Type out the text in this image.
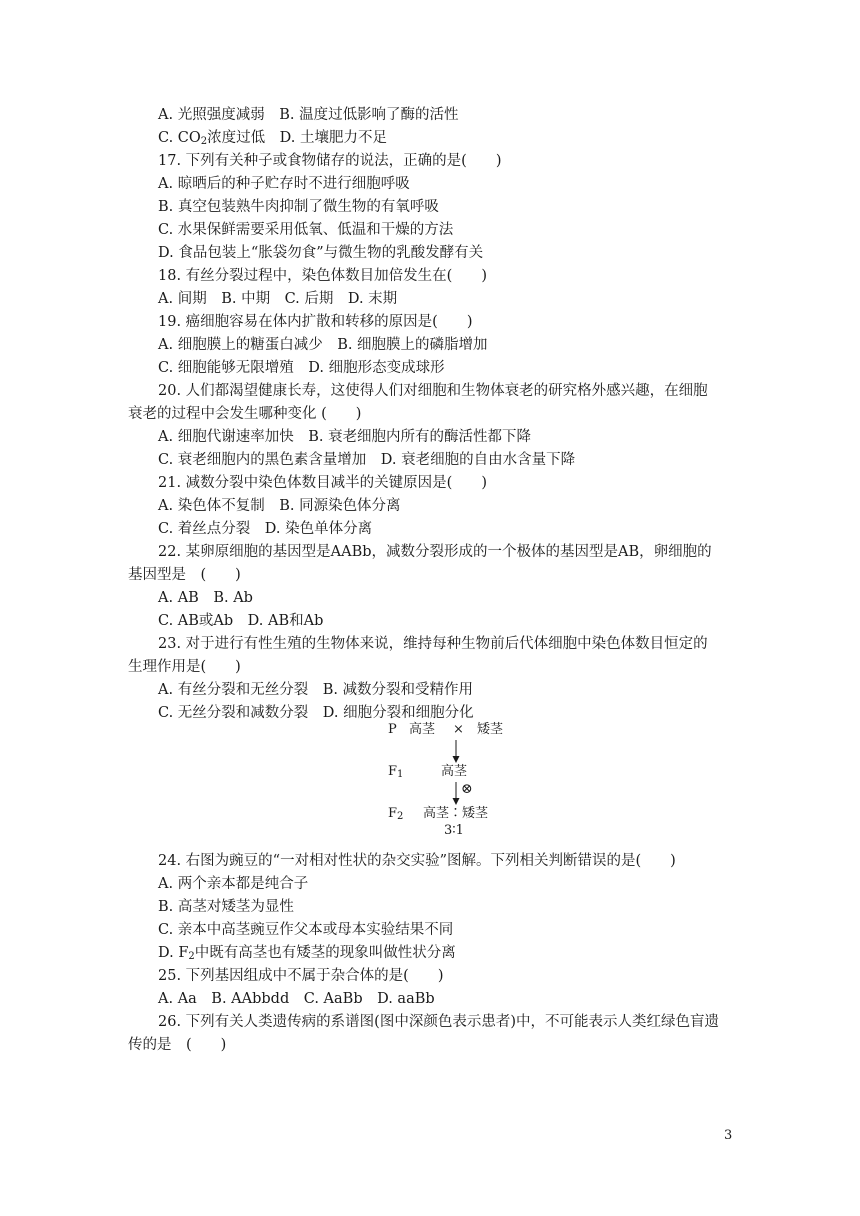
A. 光照强度减弱　B. 温度过低影响了酶的活性
C. $CO_2$浓度过低　D. 土壤肥力不足
17. 下列有关种子或食物储存的说法，正确的是(　　)
A. 晾晒后的种子贮存时不进行细胞呼吸
B. 真空包装熟牛肉抑制了微生物的有氧呼吸
C. 水果保鲜需要采用低氧、低温和干燥的方法
D. 食品包装上“胀袋勿食”与微生物的乳酸发酵有关
18. 有丝分裂过程中，染色体数目加倍发生在(　　)
A. 间期　B. 中期　C. 后期　D. 末期
19. 癌细胞容易在体内扩散和转移的原因是(　　)
A. 细胞膜上的糖蛋白减少　B. 细胞膜上的磷脂增加
C. 细胞能够无限增殖　D. 细胞形态变成球形
20. 人们都渴望健康长寿，这使得人们对细胞和生物体衰老的研究格外感兴趣，在细胞
衰老的过程中会发生哪种变化 (　　)
A. 细胞代谢速率加快　B. 衰老细胞内所有的酶活性都下降
C. 衰老细胞内的黑色素含量增加　D. 衰老细胞的自由水含量下降
21. 减数分裂中染色体数目减半的关键原因是(　　)
A. 染色体不复制　B. 同源染色体分离
C. 着丝点分裂　D. 染色单体分离
22. 某卵原细胞的基因型是AABb，减数分裂形成的一个极体的基因型是AB，卵细胞的
基因型是　(　　)
A. AB　B. Ab
C. AB或Ab　D. AB和Ab
23. 对于进行有性生殖的生物体来说，维持每种生物前后代体细胞中染色体数目恒定的
生理作用是(　　)
A. 有丝分裂和无丝分裂　B. 减数分裂和受精作用
C. 无丝分裂和减数分裂　D. 细胞分裂和细胞分化
24. 右图为豌豆的“一对相对性状的杂交实验”图解。下列相关判断错误的是(　　)
A. 两个亲本都是纯合子
B. 高茎对矮茎为显性
C. 亲本中高茎豌豆作父本或母本实验结果不同
D. $F_2$中既有高茎也有矮茎的现象叫做性状分离
25. 下列基因组成中不属于杂合体的是(　　)
A. Aa　B. AAbbdd　C. AaBb　D. aaBb
26. 下列有关人类遗传病的系谱图(图中深颜色表示患者)中，不可能表示人类红绿色盲遗
传的是　(　　)
P 高茎 × 矮茎
$F_1$	高茎
⊗
$F_2$ 高茎∶矮茎
3∶1
3
